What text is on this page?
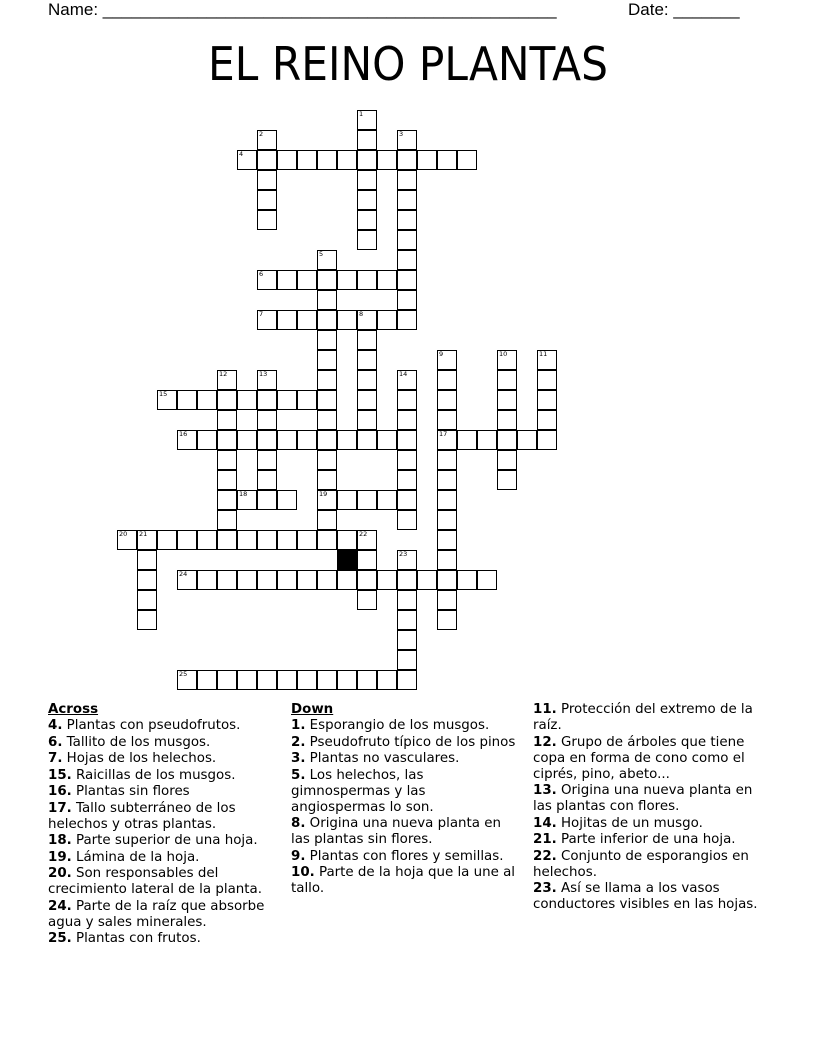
Name: ________________________________________________	Date: _______
EL REINO PLANTAS
1
2	3
4
5
19
6
7	8
9
17
10	11
12	13	14
15
16
18
20 21	22
23
24
25
Across
4. Plantas con pseudofrutos.
6. Tallito de los musgos.
7. Hojas de los helechos.
15. Raicillas de los musgos.
16. Plantas sin flores
17. Tallo subterráneo de los helechos y otras plantas.
18. Parte superior de una hoja.
19. Lámina de la hoja.
20. Son responsables del crecimiento lateral de la planta.
24. Parte de la raíz que absorbe agua y sales minerales.
25. Plantas con frutos.
Down
1. Esporangio de los musgos.
2. Pseudofruto típico de los pinos
3. Plantas no vasculares.
5. Los helechos, las gimnospermas y las angiospermas lo son.
8. Origina una nueva planta en las plantas sin flores.
9. Plantas con flores y semillas.
10. Parte de la hoja que la une al tallo.
11. Protección del extremo de la raíz.
12. Grupo de árboles que tiene copa en forma de cono como el ciprés, pino, abeto...
13. Origina una nueva planta en las plantas con flores.
14. Hojitas de un musgo.
21. Parte inferior de una hoja.
22. Conjunto de esporangios en helechos.
23. Así se llama a los vasos conductores visibles en las hojas.
